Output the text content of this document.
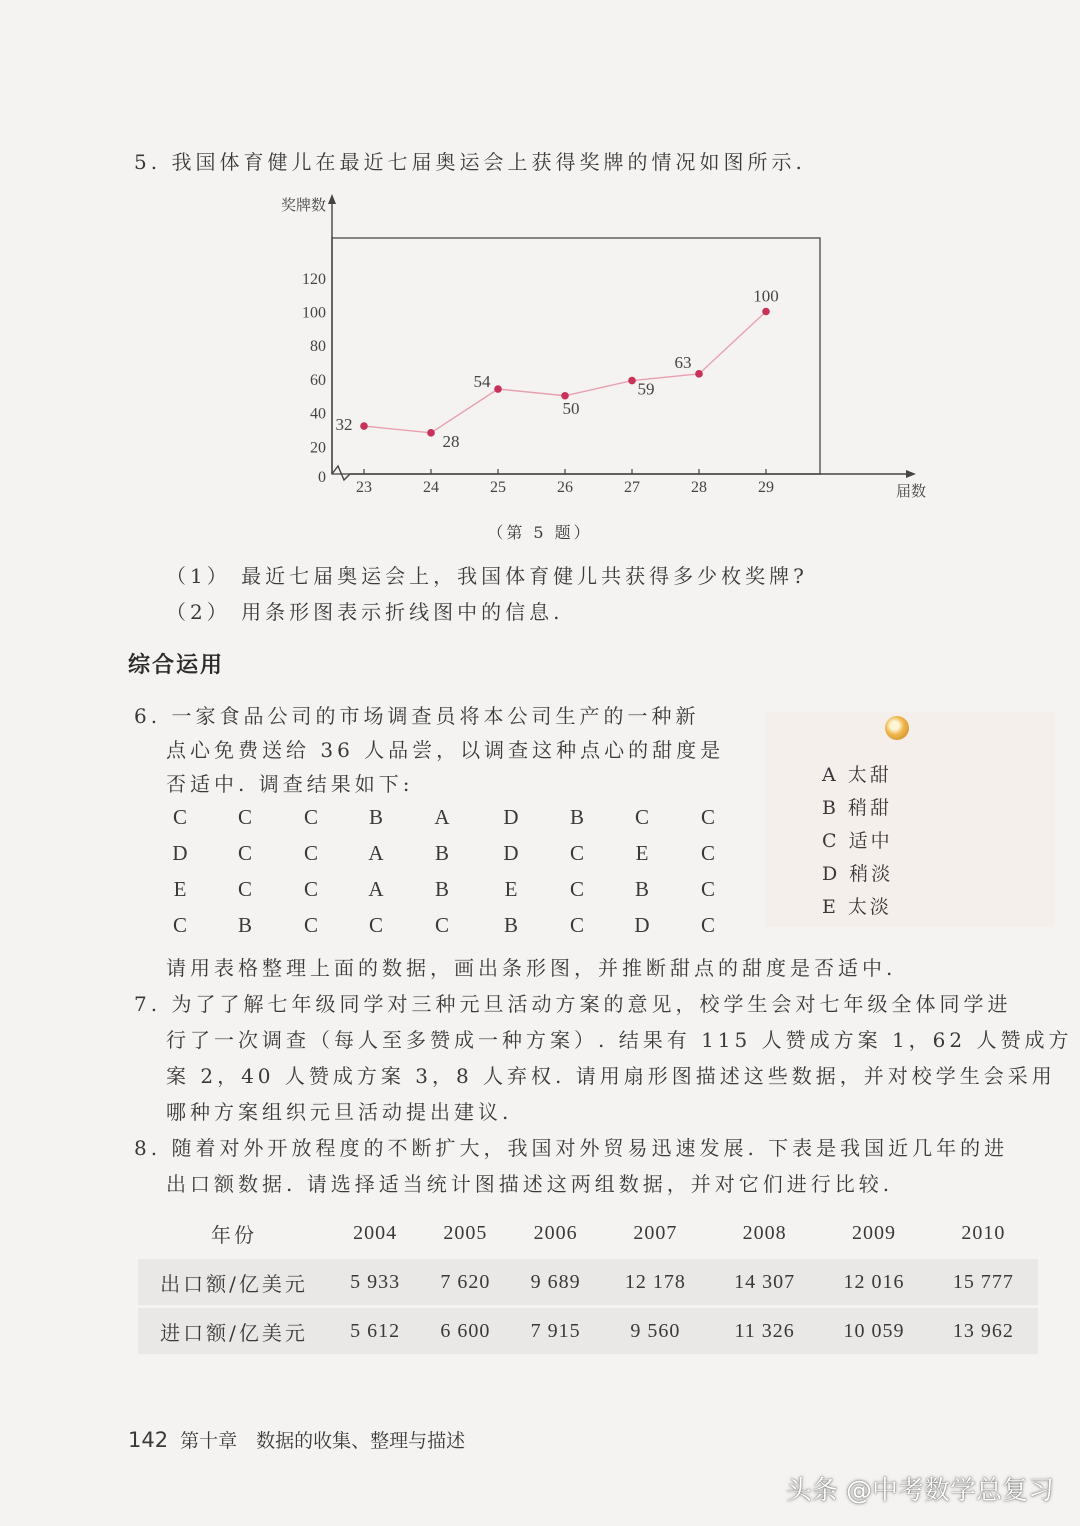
5. 我国体育健儿在最近七届奥运会上获得奖牌的情况如图所示.
32
28
54
50
59
63
100
0
20
40
60
80
100
120
23	24	25	26	27	28	29
奖牌数
届数
（第 5 题）
（1） 最近七届奥运会上，我国体育健儿共获得多少枚奖牌?
（2） 用条形图表示折线图中的信息.
综合运用
6. 一家食品公司的市场调查员将本公司生产的一种新
点心免费送给 36 人品尝，以调查这种点心的甜度是
否适中. 调查结果如下:
请用表格整理上面的数据，画出条形图，并推断甜点的甜度是否适中.
7. 为了了解七年级同学对三种元旦活动方案的意见，校学生会对七年级全体同学进
行了一次调查（每人至多赞成一种方案）. 结果有 115 人赞成方案 1，62 人赞成方
案 2，40 人赞成方案 3，8 人弃权. 请用扇形图描述这些数据，并对校学生会采用
哪种方案组织元旦活动提出建议.
8. 随着对外开放程度的不断扩大，我国对外贸易迅速发展. 下表是我国近几年的进
出口额数据. 请选择适当统计图描述这两组数据，并对它们进行比较.
年份	2004	2005	2006	2007	2008	2009	2010
出口额/亿美元	5 933	7 620	9 689	12 178	14 307	12 016	15 777
进口额/亿美元	5 612	6 600	7 915	9 560	11 326	10 059	13 962
142 第十章　数据的收集、整理与描述
头条 @中考数学总复习
C	C	C	B	A	D	B	C	C
D	C	C	A	B	D	C	E	C
E	C	C	A	B	E	C	B	C
C	B	C	C	C	B	C	D	C
A 太甜
B 稍甜
C 适中
D 稍淡
E 太淡
